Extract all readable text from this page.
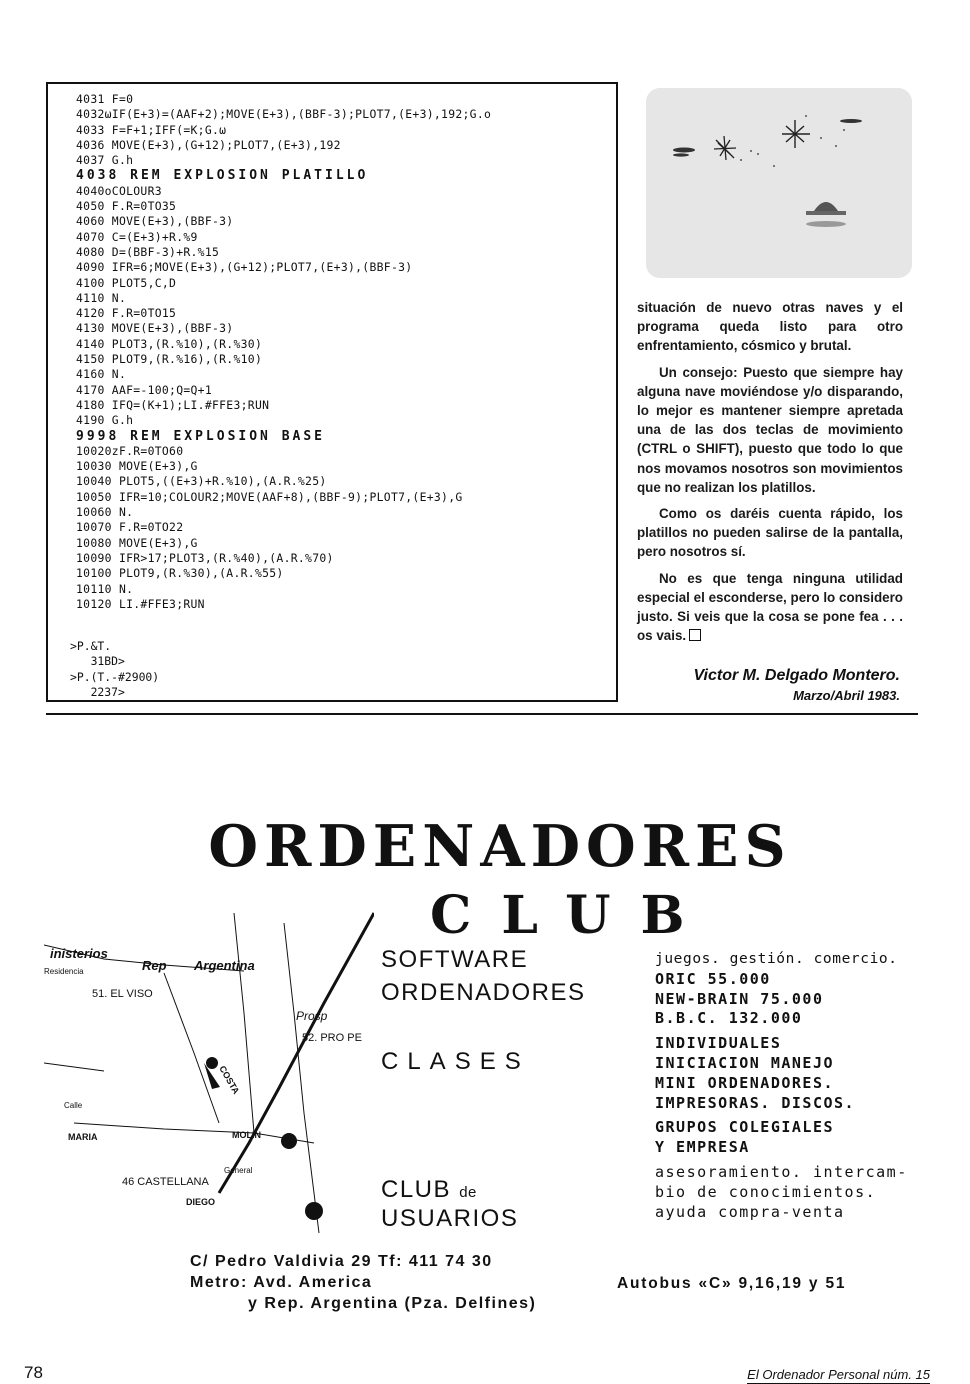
4031 F=0
4032ωIF(E+3)=(AAF+2);MOVE(E+3),(BBF-3);PLOT7,(E+3),192;G.o
4033 F=F+1;IFF(=K;G.ω
4036 MOVE(E+3),(G+12);PLOT7,(E+3),192
4037 G.h
4038 REM EXPLOSION PLATILLO
4040oCOLOUR3
4050 F.R=0TO35
4060 MOVE(E+3),(BBF-3)
4070 C=(E+3)+R.%9
4080 D=(BBF-3)+R.%15
4090 IFR=6;MOVE(E+3),(G+12);PLOT7,(E+3),(BBF-3)
4100 PLOT5,C,D
4110 N.
4120 F.R=0TO15
4130 MOVE(E+3),(BBF-3)
4140 PLOT3,(R.%10),(R.%30)
4150 PLOT9,(R.%16),(R.%10)
4160 N.
4170 AAF=-100;Q=Q+1
4180 IFQ=(K+1);LI.#FFE3;RUN
4190 G.h
9998 REM EXPLOSION BASE
10020zF.R=0TO60
10030 MOVE(E+3),G
10040 PLOT5,((E+3)+R.%10),(A.R.%25)
10050 IFR=10;COLOUR2;MOVE(AAF+8),(BBF-9);PLOT7,(E+3),G
10060 N.
10070 F.R=0TO22
10080 MOVE(E+3),G
10090 IFR>17;PLOT3,(R.%40),(A.R.%70)
10100 PLOT9,(R.%30),(A.R.%55)
10110 N.
10120 LI.#FFE3;RUN
>P.&T.
31BD>
>P.(T.-#2900)
2237>

situación de nuevo otras naves y el programa queda listo para otro enfrentamiento, cósmico y brutal.

Un consejo: Puesto que siempre hay alguna nave moviéndose y/o disparando, lo mejor es mantener siempre apretada una de las dos teclas de movimiento (CTRL o SHIFT), puesto que todo lo que nos movamos nosotros son movimientos que no realizan los platillos.

Como os daréis cuenta rápido, los platillos no pueden salirse de la pantalla, pero nosotros sí.

No es que tenga ninguna utilidad especial el esconderse, pero lo considero justo. Si veis que la cosa se pone fea . . . os vais.

Victor M. Delgado Montero.
Marzo/Abril 1983.
ORDENADORES
CLUB
inisterios
Rep Argentina
Residencia
51. EL VISO
Prosp
52. PRO PE
MARIA
46 CASTELLANA
DIEGO
MOLIN
COSTA
Calle
General
SOFTWARE
ORDENADORES
CLASES
CLUB de
USUARIOS
juegos. gestión. comercio.
ORIC 55.000
NEW-BRAIN 75.000
B.B.C. 132.000
INDIVIDUALES
INICIACION MANEJO
MINI ORDENADORES.
IMPRESORAS. DISCOS.
GRUPOS COLEGIALES
Y EMPRESA
asesoramiento. intercam-
bio de conocimientos.
ayuda compra-venta
C/ Pedro Valdivia 29 Tf: 411 74 30
Metro: Avd. America
y Rep. Argentina (Pza. Delfines)
Autobus «C» 9,16,19 y 51
78	El Ordenador Personal núm. 15
